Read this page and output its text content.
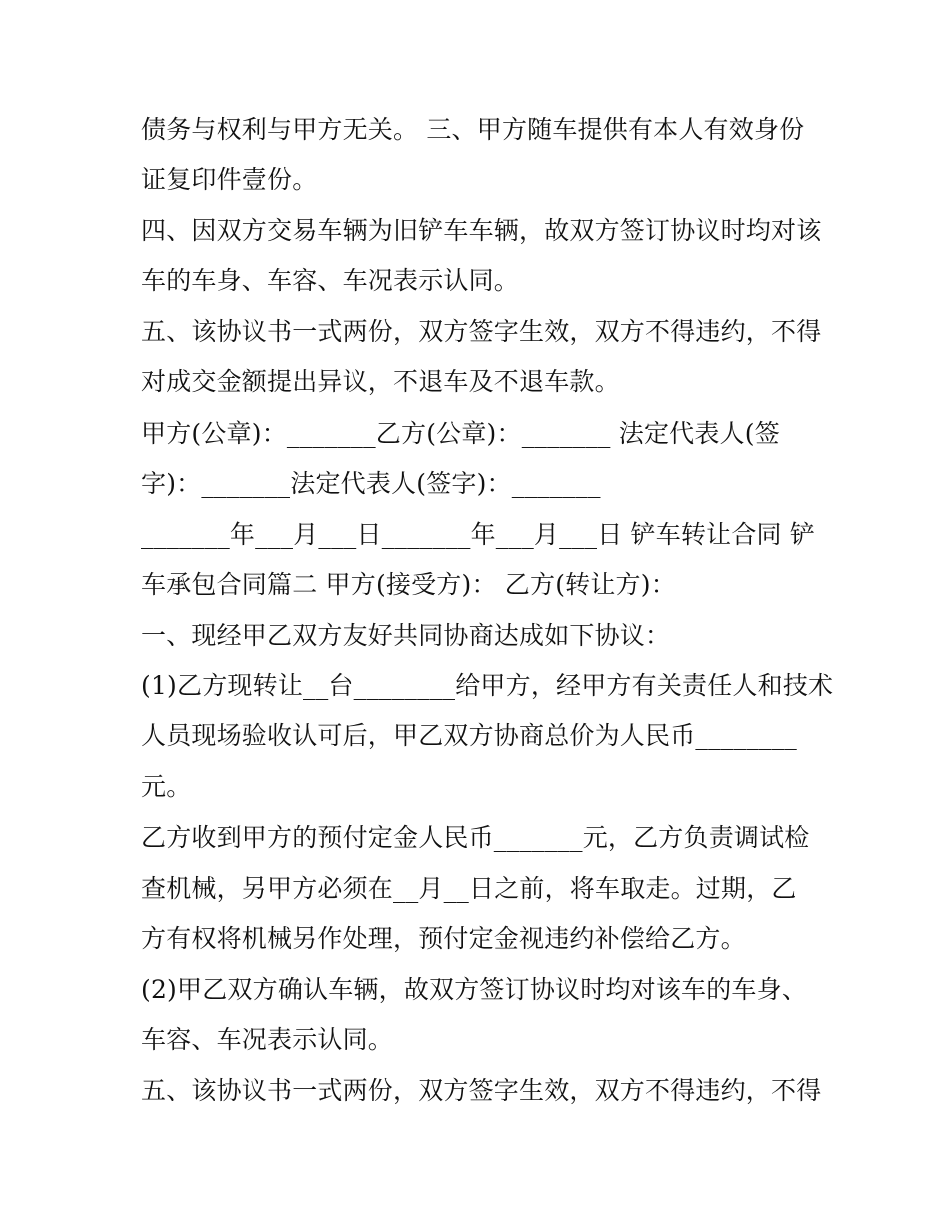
债务与权利与甲方无关。 三、甲方随车提供有本人有效身份
证复印件壹份。
四、因双方交易车辆为旧铲车车辆，故双方签订协议时均对该
车的车身、车容、车况表示认同。
五、该协议书一式两份，双方签字生效，双方不得违约，不得
对成交金额提出异议，不退车及不退车款。
甲方(公章)：_______乙方(公章)：_______ 法定代表人(签
字)：_______法定代表人(签字)：_______
_______年___月___日_______年___月___日 铲车转让合同 铲
车承包合同篇二 甲方(接受方)： 乙方(转让方)：
一、现经甲乙双方友好共同协商达成如下协议：
(1)乙方现转让__台________给甲方，经甲方有关责任人和技术
人员现场验收认可后，甲乙双方协商总价为人民币________
元。
乙方收到甲方的预付定金人民币_______元，乙方负责调试检
查机械，另甲方必须在__月__日之前，将车取走。过期，乙
方有权将机械另作处理，预付定金视违约补偿给乙方。
(2)甲乙双方确认车辆，故双方签订协议时均对该车的车身、
车容、车况表示认同。
五、该协议书一式两份，双方签字生效，双方不得违约，不得
